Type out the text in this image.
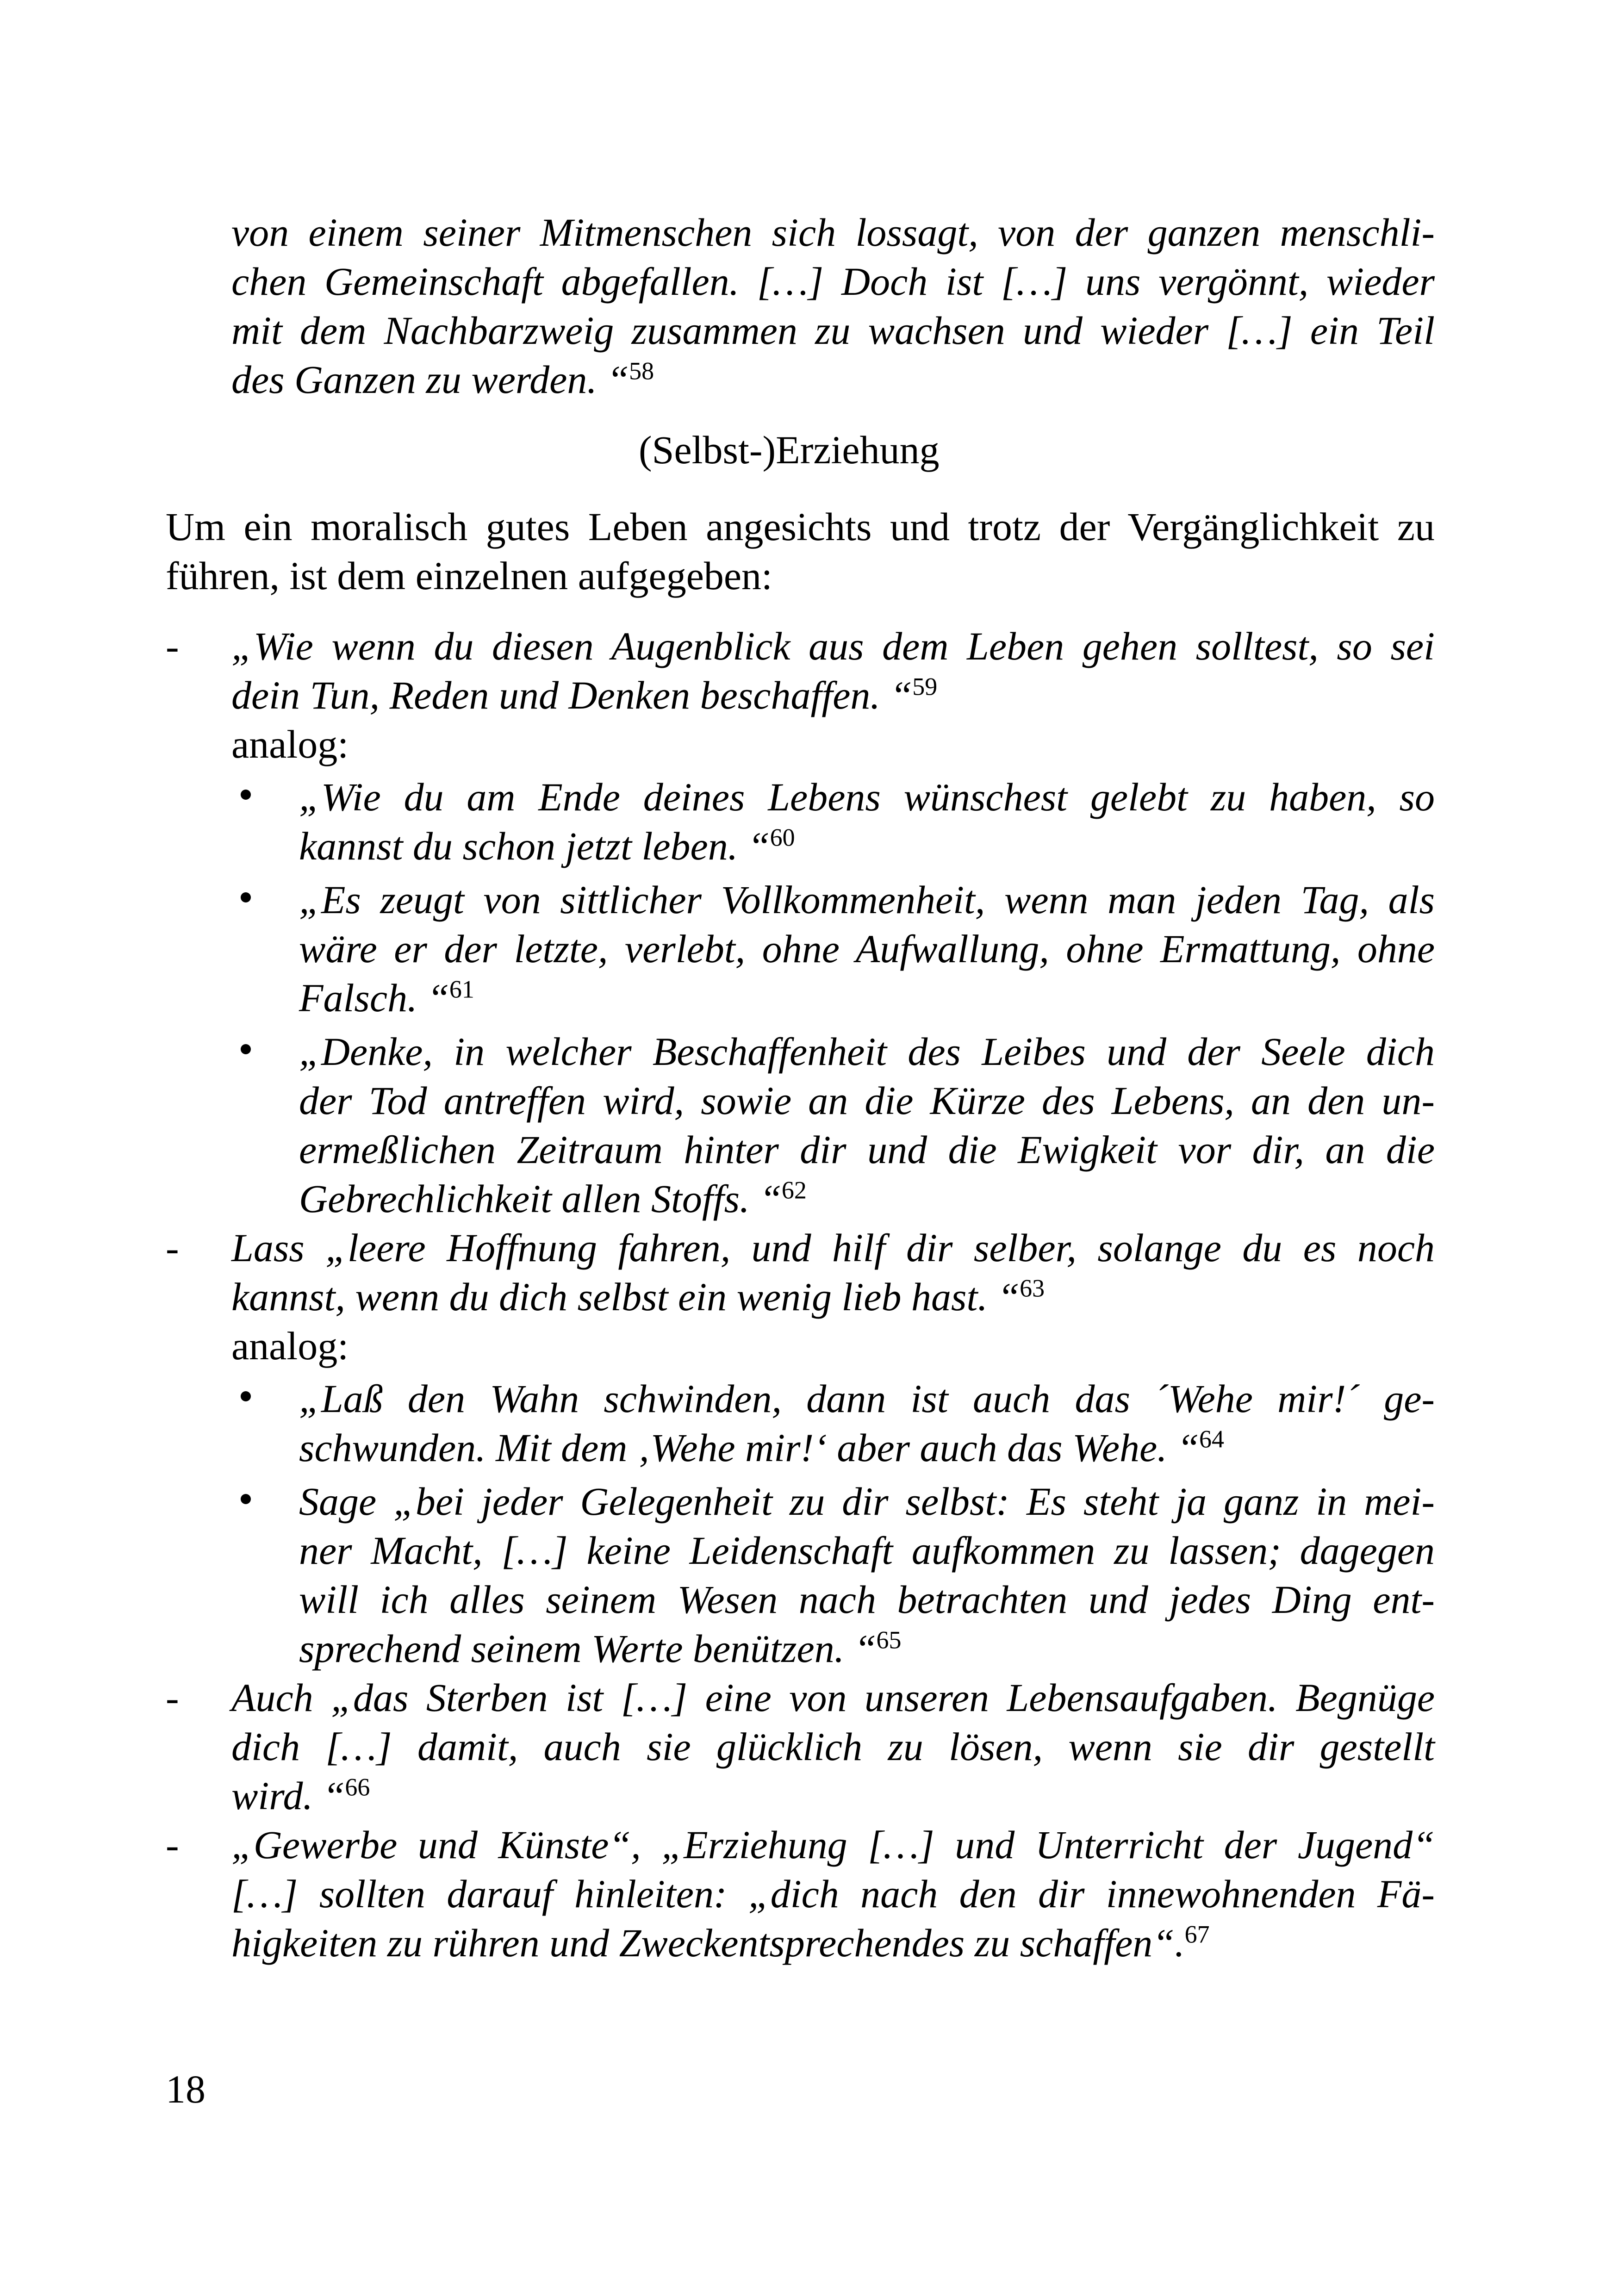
von einem seiner Mitmenschen sich lossagt, von der ganzen menschli-
chen Gemeinschaft abgefallen. […] Doch ist […] uns vergönnt, wieder
mit dem Nachbarzweig zusammen zu wachsen und wieder […] ein Teil
des Ganzen zu werden. “$^{58}$
(Selbst-)Erziehung
Um ein moralisch gutes Leben angesichts und trotz der Vergänglichkeit zu
führen, ist dem einzelnen aufgegeben:
- „Wie wenn du diesen Augenblick aus dem Leben gehen solltest, so sei
dein Tun, Reden und Denken beschaffen. “$^{59}$
analog:
„Wie du am Ende deines Lebens wünschest gelebt zu haben, so
kannst du schon jetzt leben. “$^{60}$
„Es zeugt von sittlicher Vollkommenheit, wenn man jeden Tag, als
wäre er der letzte, verlebt, ohne Aufwallung, ohne Ermattung, ohne
Falsch. “$^{61}$
„Denke, in welcher Beschaffenheit des Leibes und der Seele dich
der Tod antreffen wird, sowie an die Kürze des Lebens, an den un-
ermeßlichen Zeitraum hinter dir und die Ewigkeit vor dir, an die
Gebrechlichkeit allen Stoffs. “$^{62}$
- Lass „leere Hoffnung fahren, und hilf dir selber, solange du es noch
kannst, wenn du dich selbst ein wenig lieb hast. “$^{63}$
analog:
„Laß den Wahn schwinden, dann ist auch das ´Wehe mir!´ ge-
schwunden. Mit dem ‚Wehe mir!‘ aber auch das Wehe. “$^{64}$
Sage „bei jeder Gelegenheit zu dir selbst: Es steht ja ganz in mei-
ner Macht, […] keine Leidenschaft aufkommen zu lassen; dagegen
will ich alles seinem Wesen nach betrachten und jedes Ding ent-
sprechend seinem Werte benützen. “$^{65}$
- Auch „das Sterben ist […] eine von unseren Lebensaufgaben. Begnüge
dich […] damit, auch sie glücklich zu lösen, wenn sie dir gestellt
wird. “$^{66}$
- „Gewerbe und Künste“, „Erziehung […] und Unterricht der Jugend“
[…] sollten darauf hinleiten: „dich nach den dir innewohnenden Fä-
higkeiten zu rühren und Zweckentsprechendes zu schaffen“.$^{67}$
18
